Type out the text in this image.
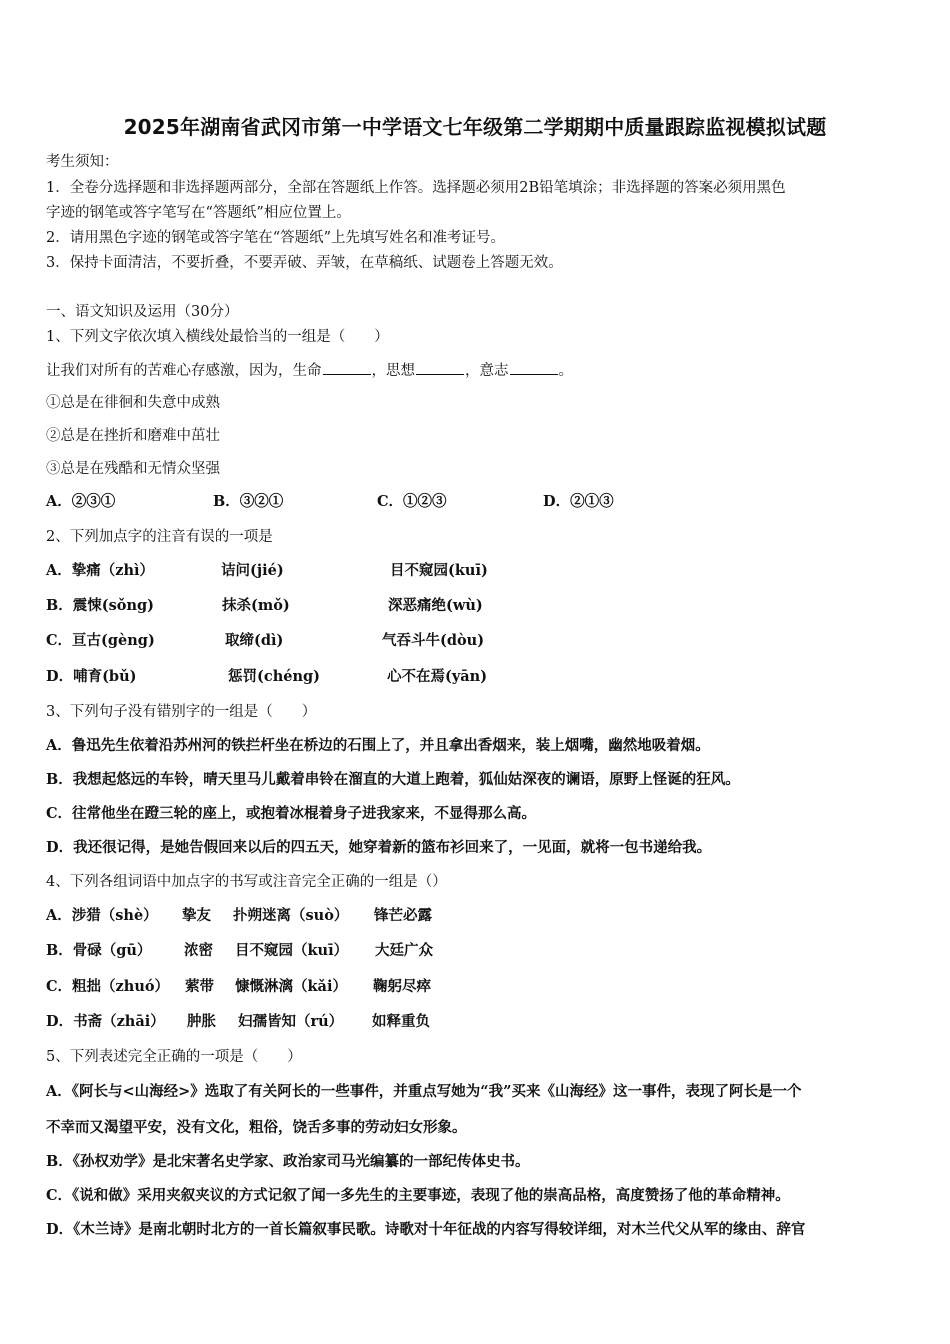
2025年湖南省武冈市第一中学语文七年级第二学期期中质量跟踪监视模拟试题
考生须知：
1．全卷分选择题和非选择题两部分，全部在答题纸上作答。选择题必须用2B铅笔填涂；非选择题的答案必须用黑色
字迹的钢笔或答字笔写在“答题纸”相应位置上。
2．请用黑色字迹的钢笔或答字笔在“答题纸”上先填写姓名和准考证号。
3．保持卡面清洁，不要折叠，不要弄破、弄皱，在草稿纸、试题卷上答题无效。
一、语文知识及运用（30分）
1、下列文字依次填入横线处最恰当的一组是（　　）
让我们对所有的苦难心存感激，因为，生命	，思想	，意志	。
①总是在徘徊和失意中成熟
②总是在挫折和磨难中茁壮
③总是在残酷和无情众坚强
A．②③①	B．③②①	C．①②③	D．②①③
2、下列加点字的注音有误的一项是
A．挚痛（zhì）	诘问(jié)	目不窥园(kuī)
B．震悚(sǒng)	抹杀(mǒ)	深恶痛绝(wù)
C．亘古(gèng)	取缔(dì)	气吞斗牛(dòu)
D．哺育(bǔ)	惩罚(chéng)	心不在焉(yān)
3、下列句子没有错别字的一组是（　　）
A．鲁迅先生依着沿苏州河的铁拦杆坐在桥边的石围上了，并且拿出香烟来，装上烟嘴，幽然地吸着烟。
B．我想起悠远的车铃，晴天里马儿戴着串铃在溜直的大道上跑着，狐仙姑深夜的谰语，原野上怪诞的狂风。
C．往常他坐在蹬三轮的座上，或抱着冰棍着身子进我家来，不显得那么高。
D．我还很记得，是她告假回来以后的四五天，她穿着新的篮布衫回来了，一见面，就将一包书递给我。
4、下列各组词语中加点字的书写或注音完全正确的一组是（）
A．涉猎（shè） 挚友 扑朔迷离（suò） 锋芒必露
B．骨碌（gū） 浓密 目不窥园（kuī） 大廷广众
C．粗拙（zhuó） 萦带 慷慨淋漓（kǎi） 鞠躬尽瘁
D．书斋（zhāi） 肿胀 妇孺皆知（rú） 如释重负
5、下列表述完全正确的一项是（　　）
A．《阿长与<山海经>》选取了有关阿长的一些事件，并重点写她为“我”买来《山海经》这一事件，表现了阿长是一个
不幸而又渴望平安，没有文化，粗俗，饶舌多事的劳动妇女形象。
B．《孙权劝学》是北宋著名史学家、政治家司马光编纂的一部纪传体史书。
C．《说和做》采用夹叙夹议的方式记叙了闻一多先生的主要事迹，表现了他的崇高品格，高度赞扬了他的革命精神。
D．《木兰诗》是南北朝时北方的一首长篇叙事民歌。诗歌对十年征战的内容写得较详细，对木兰代父从军的缘由、辞官
